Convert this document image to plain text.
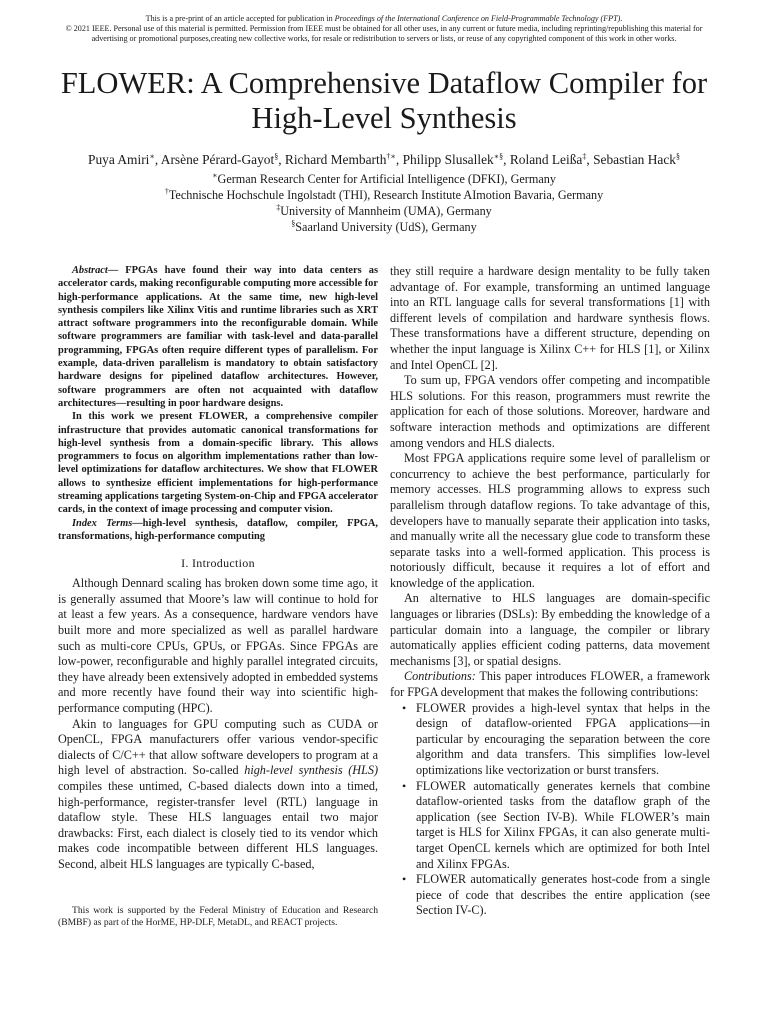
This is a pre-print of an article accepted for publication in Proceedings of the International Conference on Field-Programmable Technology (FPT).

© 2021 IEEE. Personal use of this material is permitted. Permission from IEEE must be obtained for all other uses, in any current or future media, including reprinting/republishing this material for advertising or promotional purposes,creating new collective works, for resale or redistribution to servers or lists, or reuse of any copyrighted component of this work in other works.

FLOWER: A Comprehensive Dataflow Compiler for High-Level Synthesis
Puya Amiri∗, Arsène Pérard-Gayot§, Richard Membarth†∗, Philipp Slusallek∗§, Roland Leißa‡, Sebastian Hack§

∗German Research Center for Artificial Intelligence (DFKI), Germany

†Technische Hochschule Ingolstadt (THI), Research Institute AImotion Bavaria, Germany

‡University of Mannheim (UMA), Germany

§Saarland University (UdS), Germany

Abstract— FPGAs have found their way into data centers as accelerator cards, making reconfigurable computing more accessible for high-performance applications. At the same time, new high-level synthesis compilers like Xilinx Vitis and runtime libraries such as XRT attract software programmers into the reconfigurable domain. While software programmers are familiar with task-level and data-parallel programming, FPGAs often require different types of parallelism. For example, data-driven parallelism is mandatory to obtain satisfactory hardware designs for pipelined dataflow architectures. However, software programmers are often not acquainted with dataflow architectures—resulting in poor hardware designs.

In this work we present FLOWER, a comprehensive compiler infrastructure that provides automatic canonical transformations for high-level synthesis from a domain-specific library. This allows programmers to focus on algorithm implementations rather than low-level optimizations for dataflow architectures. We show that FLOWER allows to synthesize efficient implementations for high-performance streaming applications targeting System-on-Chip and FPGA accelerator cards, in the context of image processing and computer vision.

Index Terms—high-level synthesis, dataflow, compiler, FPGA, transformations, high-performance computing

I. Introduction

Although Dennard scaling has broken down some time ago, it is generally assumed that Moore’s law will continue to hold for at least a few years. As a consequence, hardware vendors have built more and more specialized as well as parallel hardware such as multi-core CPUs, GPUs, or FPGAs. Since FPGAs are low-power, reconfigurable and highly parallel integrated circuits, they have already been extensively adopted in embedded systems and more recently have found their way into scientific high-performance computing (HPC).

Akin to languages for GPU computing such as CUDA or OpenCL, FPGA manufacturers offer various vendor-specific dialects of C/C++ that allow software developers to program at a high level of abstraction. So-called high-level synthesis (HLS) compiles these untimed, C-based dialects down into a timed, high-performance, register-transfer level (RTL) language in dataflow style. These HLS languages entail two major drawbacks: First, each dialect is closely tied to its vendor which makes code incompatible between different HLS languages. Second, albeit HLS languages are typically C-based,

This work is supported by the Federal Ministry of Education and Research (BMBF) as part of the HorME, HP-DLF, MetaDL, and REACT projects.

they still require a hardware design mentality to be fully taken advantage of. For example, transforming an untimed language into an RTL language calls for several transformations [1] with different levels of compilation and hardware synthesis flows. These transformations have a different structure, depending on whether the input language is Xilinx C++ for HLS [1], or Xilinx and Intel OpenCL [2].

To sum up, FPGA vendors offer competing and incompatible HLS solutions. For this reason, programmers must rewrite the application for each of those solutions. Moreover, hardware and software interaction methods and optimizations are different among vendors and HLS dialects.

Most FPGA applications require some level of parallelism or concurrency to achieve the best performance, particularly for memory accesses. HLS programming allows to express such parallelism through dataflow regions. To take advantage of this, developers have to manually separate their application into tasks, and manually write all the necessary glue code to transform these separate tasks into a well-formed application. This process is notoriously difficult, because it requires a lot of effort and knowledge of the application.

An alternative to HLS languages are domain-specific languages or libraries (DSLs): By embedding the knowledge of a particular domain into a language, the compiler or library automatically applies efficient coding patterns, data movement mechanisms [3], or spatial designs.

Contributions: This paper introduces FLOWER, a framework for FPGA development that makes the following contributions:

• FLOWER provides a high-level syntax that helps in the design of dataflow-oriented FPGA applications—in particular by encouraging the separation between the core algorithm and data transfers. This simplifies low-level optimizations like vectorization or burst transfers.
• FLOWER automatically generates kernels that combine dataflow-oriented tasks from the dataflow graph of the application (see Section IV-B). While FLOWER’s main target is HLS for Xilinx FPGAs, it can also generate multi-target OpenCL kernels which are optimized for both Intel and Xilinx FPGAs.
• FLOWER automatically generates host-code from a single piece of code that describes the entire application (see Section IV-C).
